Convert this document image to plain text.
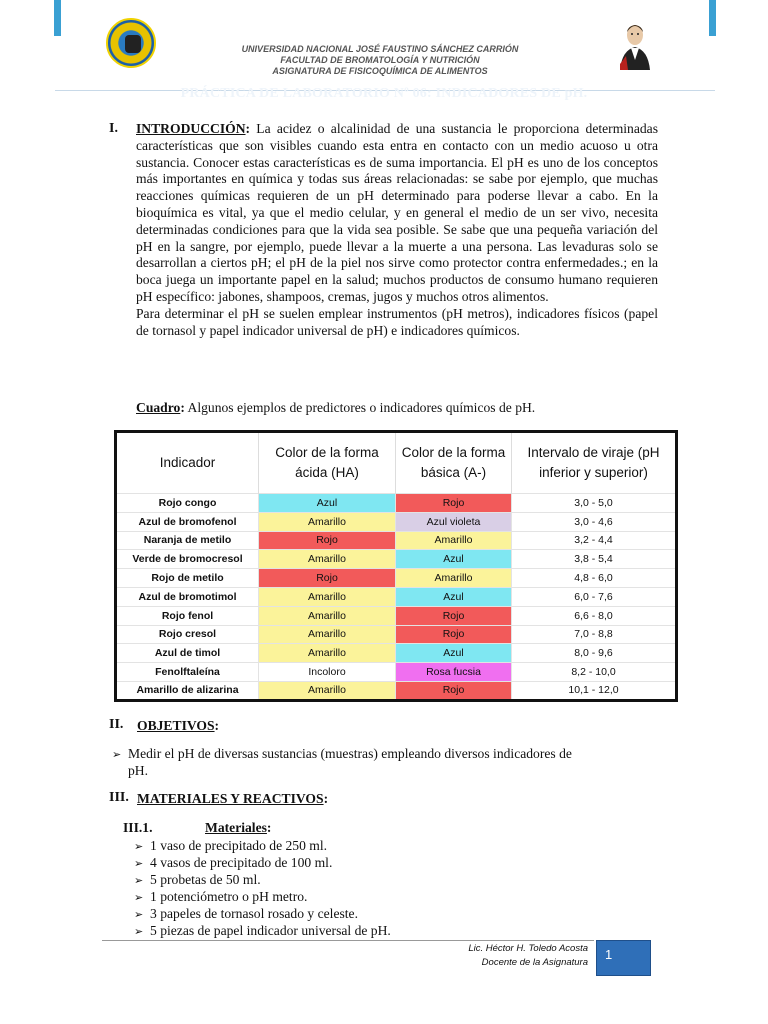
UNIVERSIDAD NACIONAL JOSÉ FAUSTINO SÁNCHEZ CARRIÓN
FACULTAD DE BROMATOLOGÍA Y NUTRICIÓN
ASIGNATURA DE FISICOQUÍMICA DE ALIMENTOS
PRÁCTICA DE LABORATORIO Nº 06: INDICADORES DE pH.
I. INTRODUCCIÓN: La acidez o alcalinidad de una sustancia le proporciona determinadas características que son visibles cuando esta entra en contacto con un medio acuoso u otra sustancia. Conocer estas características es de suma importancia. El pH es uno de los conceptos más importantes en química y todas sus áreas relacionadas: se sabe por ejemplo, que muchas reacciones químicas requieren de un pH determinado para poderse llevar a cabo. En la bioquímica es vital, ya que el medio celular, y en general el medio de un ser vivo, necesita determinadas condiciones para que la vida sea posible. Se sabe que una pequeña variación del pH en la sangre, por ejemplo, puede llevar a la muerte a una persona. Las levaduras solo se desarrollan a ciertos pH; el pH de la piel nos sirve como protector contra enfermedades.; en la boca juega un importante papel en la salud; muchos productos de consumo humano requieren pH específico: jabones, shampoos, cremas, jugos y muchos otros alimentos.

Para determinar el pH se suelen emplear instrumentos (pH metros), indicadores físicos (papel de tornasol y papel indicador universal de pH) e indicadores químicos.

Cuadro: Algunos ejemplos de predictores o indicadores químicos de pH.
Indicador	Color de la forma ácida (HA)	Color de la forma básica (A-)	Intervalo de viraje (pH inferior y superior)
Rojo congo	Azul	Rojo	3,0 - 5,0
Azul de bromofenol	Amarillo	Azul violeta	3,0 - 4,6
Naranja de metilo	Rojo	Amarillo	3,2 - 4,4
Verde de bromocresol	Amarillo	Azul	3,8 - 5,4
Rojo de metilo	Rojo	Amarillo	4,8 - 6,0
Azul de bromotimol	Amarillo	Azul	6,0 - 7,6
Rojo fenol	Amarillo	Rojo	6,6 - 8,0
Rojo cresol	Amarillo	Rojo	7,0 - 8,8
Azul de timol	Amarillo	Azul	8,0 - 9,6
Fenolftaleína	Incoloro	Rosa fucsia	8,2 - 10,0
Amarillo de alizarina	Amarillo	Rojo	10,1 - 12,0
II. OBJETIVOS:
➢ Medir el pH de diversas sustancias (muestras) empleando diversos indicadores de
pH.
III. MATERIALES Y REACTIVOS:
III.1.	Materiales:
➢ 1 vaso de precipitado de 250 ml.
➢ 4 vasos de precipitado de 100 ml.
➢ 5 probetas de 50 ml.
➢ 1 potenciómetro o pH metro.
➢ 3 papeles de tornasol rosado y celeste.
➢ 5 piezas de papel indicador universal de pH.
Lic. Héctor H. Toledo Acosta
Docente de la Asignatura
1
